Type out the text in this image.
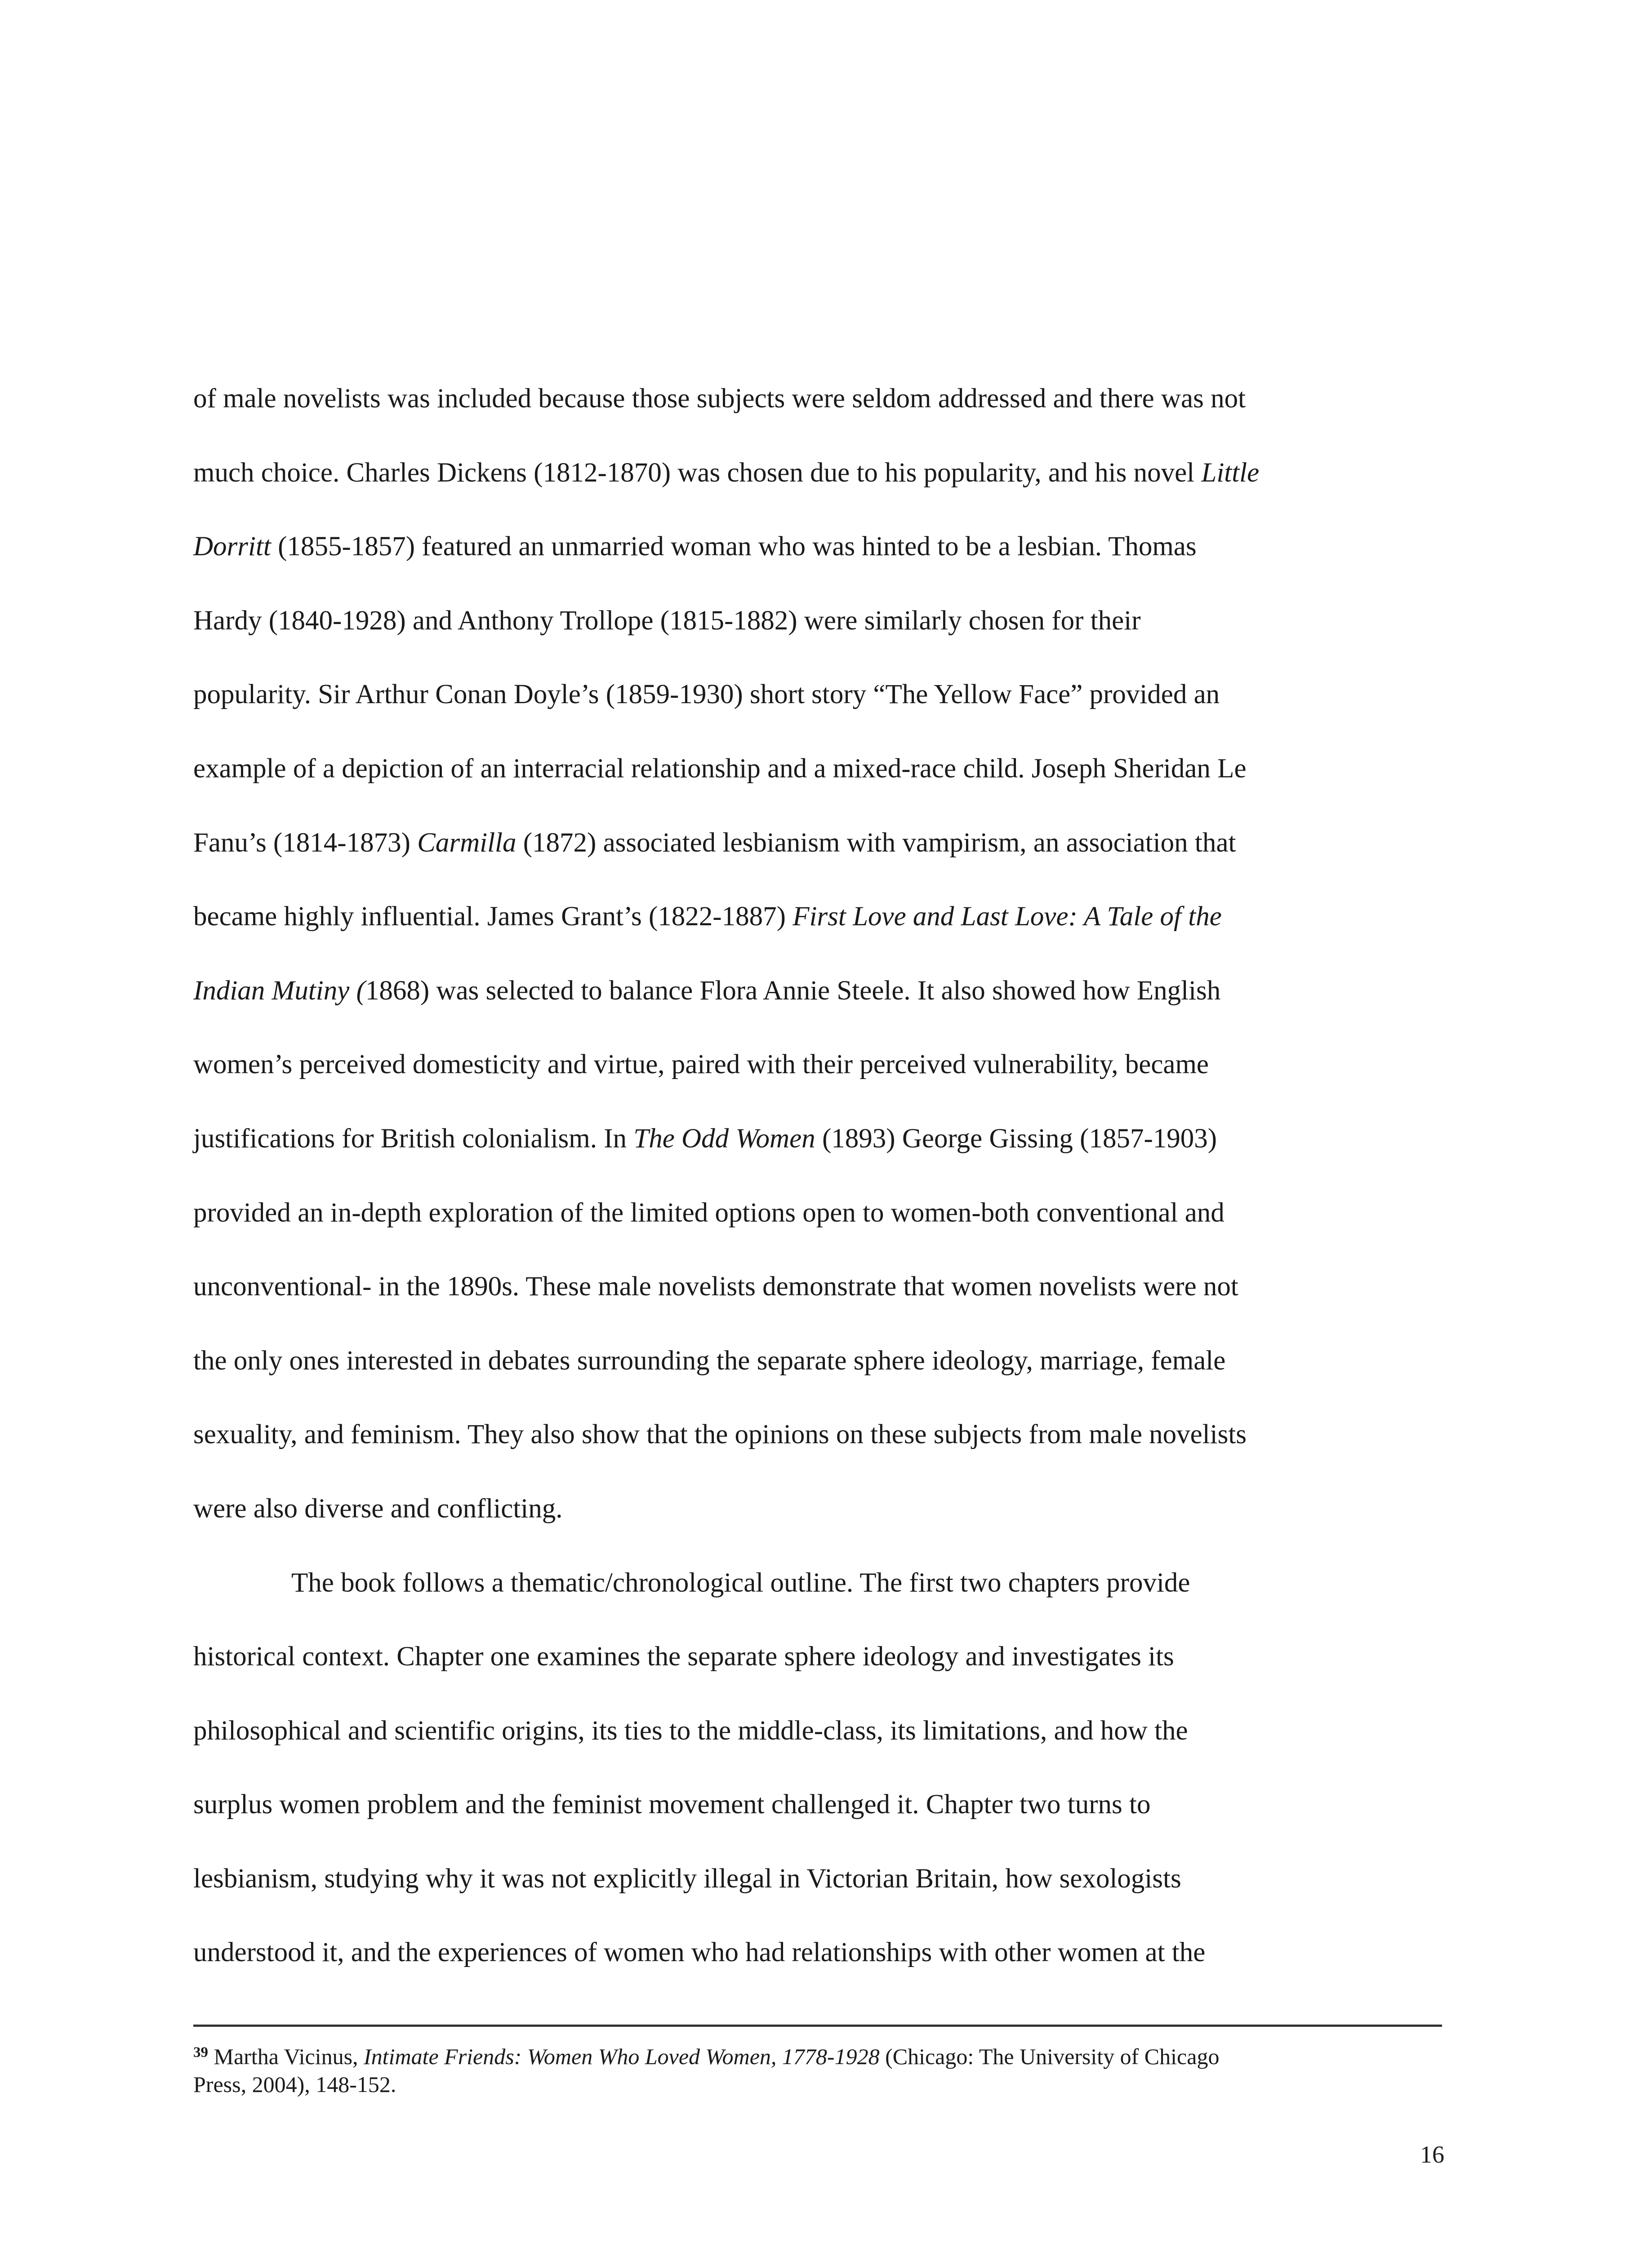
of male novelists was included because those subjects were seldom addressed and there was not
much choice. Charles Dickens (1812-1870) was chosen due to his popularity, and his novel Little
Dorritt (1855-1857) featured an unmarried woman who was hinted to be a lesbian. Thomas
Hardy (1840-1928) and Anthony Trollope (1815-1882) were similarly chosen for their
popularity. Sir Arthur Conan Doyle’s (1859-1930) short story “The Yellow Face” provided an
example of a depiction of an interracial relationship and a mixed-race child. Joseph Sheridan Le
Fanu’s (1814-1873) Carmilla (1872) associated lesbianism with vampirism, an association that
became highly influential. James Grant’s (1822-1887) First Love and Last Love: A Tale of the
Indian Mutiny (1868) was selected to balance Flora Annie Steele. It also showed how English
women’s perceived domesticity and virtue, paired with their perceived vulnerability, became
justifications for British colonialism. In The Odd Women (1893) George Gissing (1857-1903)
provided an in-depth exploration of the limited options open to women-both conventional and
unconventional- in the 1890s. These male novelists demonstrate that women novelists were not
the only ones interested in debates surrounding the separate sphere ideology, marriage, female
sexuality, and feminism. They also show that the opinions on these subjects from male novelists
were also diverse and conflicting.
The book follows a thematic/chronological outline. The first two chapters provide
historical context. Chapter one examines the separate sphere ideology and investigates its
philosophical and scientific origins, its ties to the middle-class, its limitations, and how the
surplus women problem and the feminist movement challenged it. Chapter two turns to
lesbianism, studying why it was not explicitly illegal in Victorian Britain, how sexologists
understood it, and the experiences of women who had relationships with other women at the
$^{39}$ Martha Vicinus, Intimate Friends: Women Who Loved Women, 1778-1928 (Chicago: The University of Chicago
Press, 2004), 148-152.
16
